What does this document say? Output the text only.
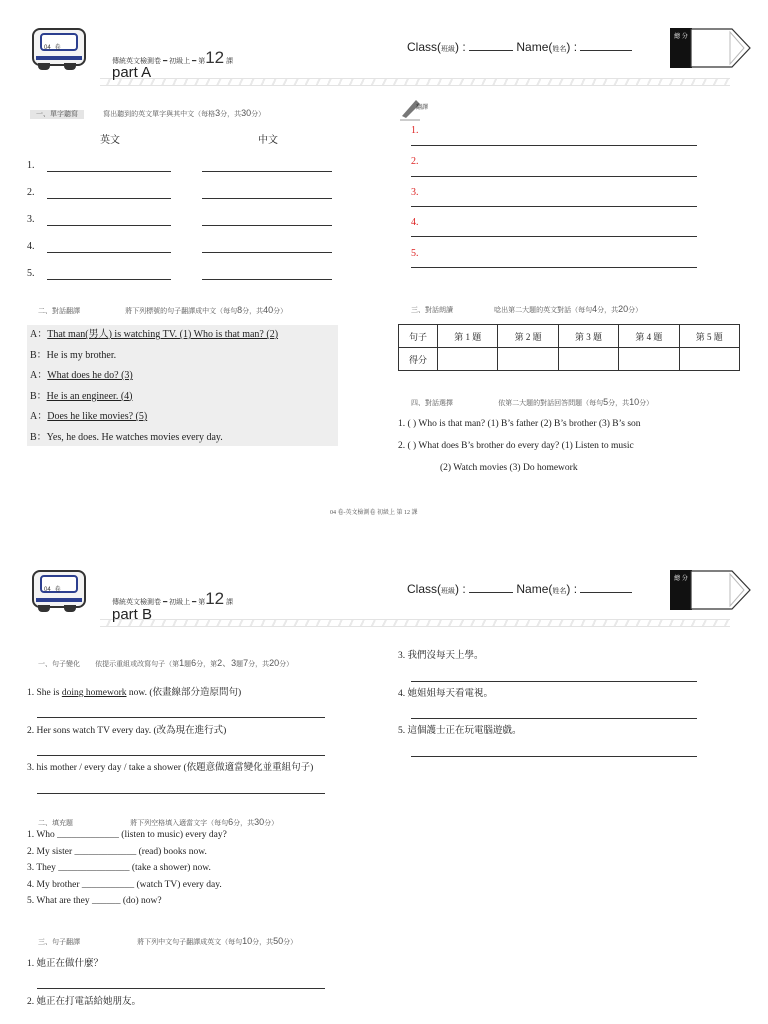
04 卷
傳統英文檢測卷 ━ 初級上 ━ 第12 課
part A
Class(班級) :	Name(姓名) :
總 分
一、單字聽寫	寫出聽到的英文單字與其中文（每格3分，共30分）
英文	中文
1.
2.
3.
4.
5.
翻譯
1.
2.
3.
4.
5.
二、對話翻譯	將下列標號的句子翻譯成中文（每句8分，共40分）
A：That man(男人) is watching TV. (1) Who is that man? (2)
B：He is my brother.
A：What does he do? (3)
B：He is an engineer. (4)
A：Does he like movies? (5)
B：Yes, he does. He watches movies every day.
三、對話朗讀	唸出第二大題的英文對話（每句4分，共20分）
句子	第 1 題	第 2 題	第 3 題	第 4 題	第 5 題
得分					
四、對話選擇	依第二大題的對話回答問題（每句5分，共10分）
1. ( ) Who is that man? (1) B’s father (2) B’s brother (3) B’s son
2. ( ) What does B’s brother do every day? (1) Listen to music
(2) Watch movies (3) Do homework
04 卷-英文檢測卷 初級上 第 12 課
04 卷
傳統英文檢測卷 ━ 初級上 ━ 第12 課
part B
Class(班級) :	Name(姓名) :
總 分
一、句子變化 依提示重組或改寫句子（第1題6分，第2、3題7分，共20分）
1. She is doing homework now. (依畫線部分造原問句)
2. Her sons watch TV every day. (改為現在進行式)
3. his mother / every day / take a shower (依題意做適當變化並重組句子)
3. 我們沒每天上學。
4. 她姐姐每天看電視。
5. 這個護士正在玩電腦遊戲。
二、填充題	將下列空格填入適當文字（每句6分，共30分）
1. Who _____________ (listen to music) every day?
2. My sister _____________ (read) books now.
3. They _______________ (take a shower) now.
4. My brother ___________ (watch TV) every day.
5. What are they ______ (do) now?
三、句子翻譯	將下列中文句子翻譯成英文（每句10分，共50分）
1. 她正在做什麼？
2. 她正在打電話給她朋友。
